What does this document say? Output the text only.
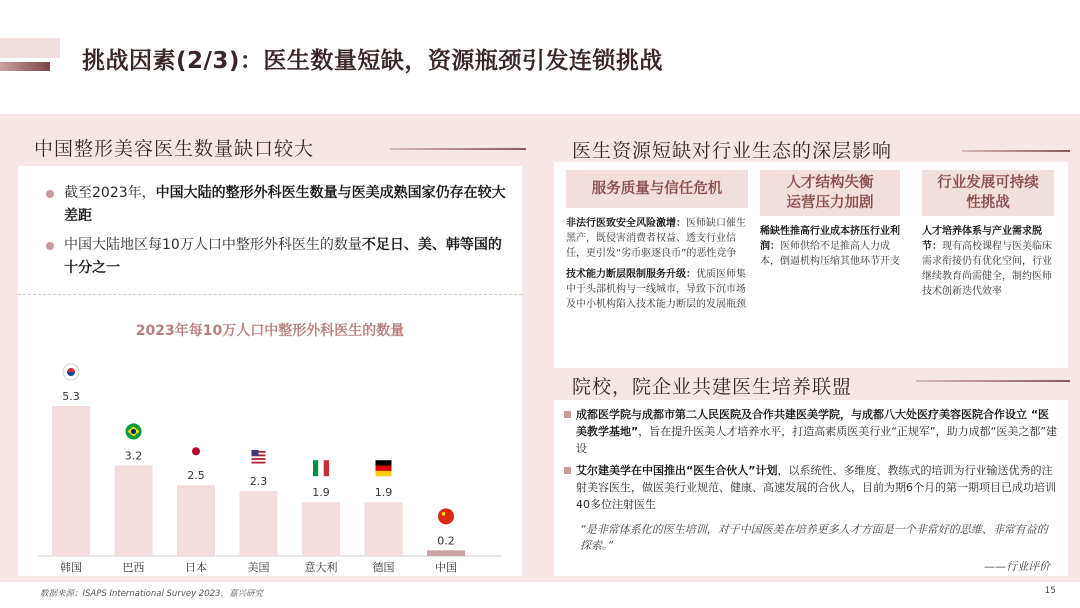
挑战因素(2/3)：医生数量短缺，资源瓶颈引发连锁挑战
中国整形美容医生数量缺口较大
截至2023年，中国大陆的整形外科医生数量与医美成熟国家仍存在较大差距
中国大陆地区每10万人口中整形外科医生的数量不足日、美、韩等国的十分之一
2023年每10万人口中整形外科医生的数量
5.3
韩国
3.2
巴西
2.5
日本
2.3
美国
1.9
意大利
1.9
德国
0.2
中国
医生资源短缺对行业生态的深层影响
服务质量与信任危机

非法行医致安全风险激增：医师缺口催生黑产，既侵害消费者权益、透支行业信任，更引发“劣币驱逐良币”的恶性竞争

技术能力断层限制服务升级：优质医师集中于头部机构与一线城市，导致下沉市场及中小机构陷入技术能力断层的发展瓶颈

人才结构失衡运营压力加剧

稀缺性推高行业成本挤压行业利润：医师供给不足推高人力成本，倒逼机构压缩其他环节开支

行业发展可持续性挑战

人才培养体系与产业需求脱节：现有高校课程与医美临床需求衔接仍有优化空间，行业继续教育尚需健全，制约医师技术创新迭代效率

院校，院企业共建医生培养联盟
成都医学院与成都市第二人民医院及合作共建医美学院，与成都八大处医疗美容医院合作设立 “医美教学基地”，旨在提升医美人才培养水平，打造高素质医美行业“正规军”，助力成都“医美之都”建设
艾尔建美学在中国推出“医生合伙人”计划，以系统性、多维度、教练式的培训为行业输送优秀的注射美容医生，做医美行业规范、健康、高速发展的合伙人，目前为期6个月的第一期项目已成功培训40多位注射医生
“是非常体系化的医生培训，对于中国医美在培养更多人才方面是一个非常好的思维、非常有益的探索。”
——行业评价
数据来源：ISAPS International Survey 2023，嘉兴研究	15
